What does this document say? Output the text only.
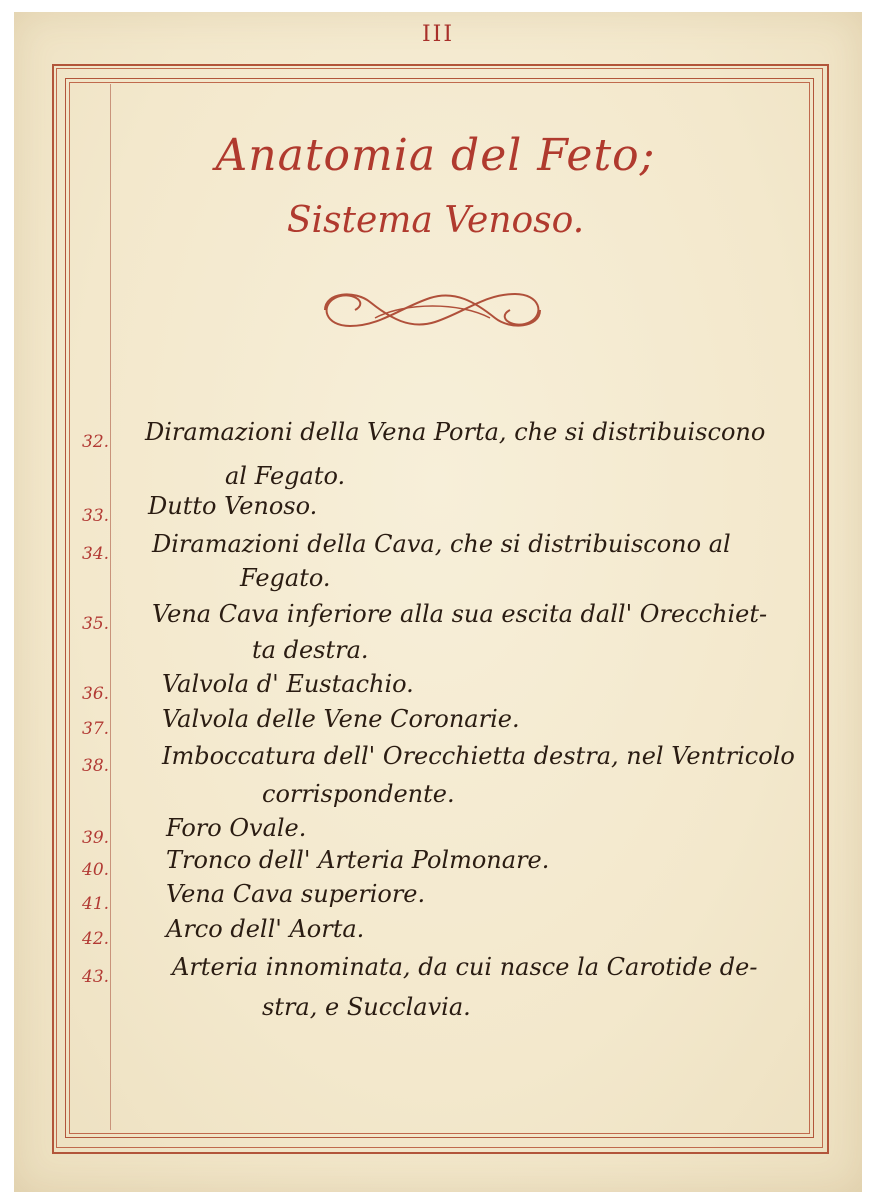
III
Anatomia del Feto;
Sistema Venoso.
32. Diramazioni della Vena Porta, che si distribuiscono
al Fegato.
33. Dutto Venoso.
34. Diramazioni della Cava, che si distribuiscono al
Fegato.
35. Vena Cava inferiore alla sua escita dall' Orecchiet-
ta destra.
36. Valvola d' Eustachio.
37. Valvola delle Vene Coronarie.
38. Imboccatura dell' Orecchietta destra, nel Ventricolo
corrispondente.
39. Foro Ovale.
40. Tronco dell' Arteria Polmonare.
41. Vena Cava superiore.
42. Arco dell' Aorta.
43.	Arteria innominata, da cui nasce la Carotide de-
stra, e Succlavia.
